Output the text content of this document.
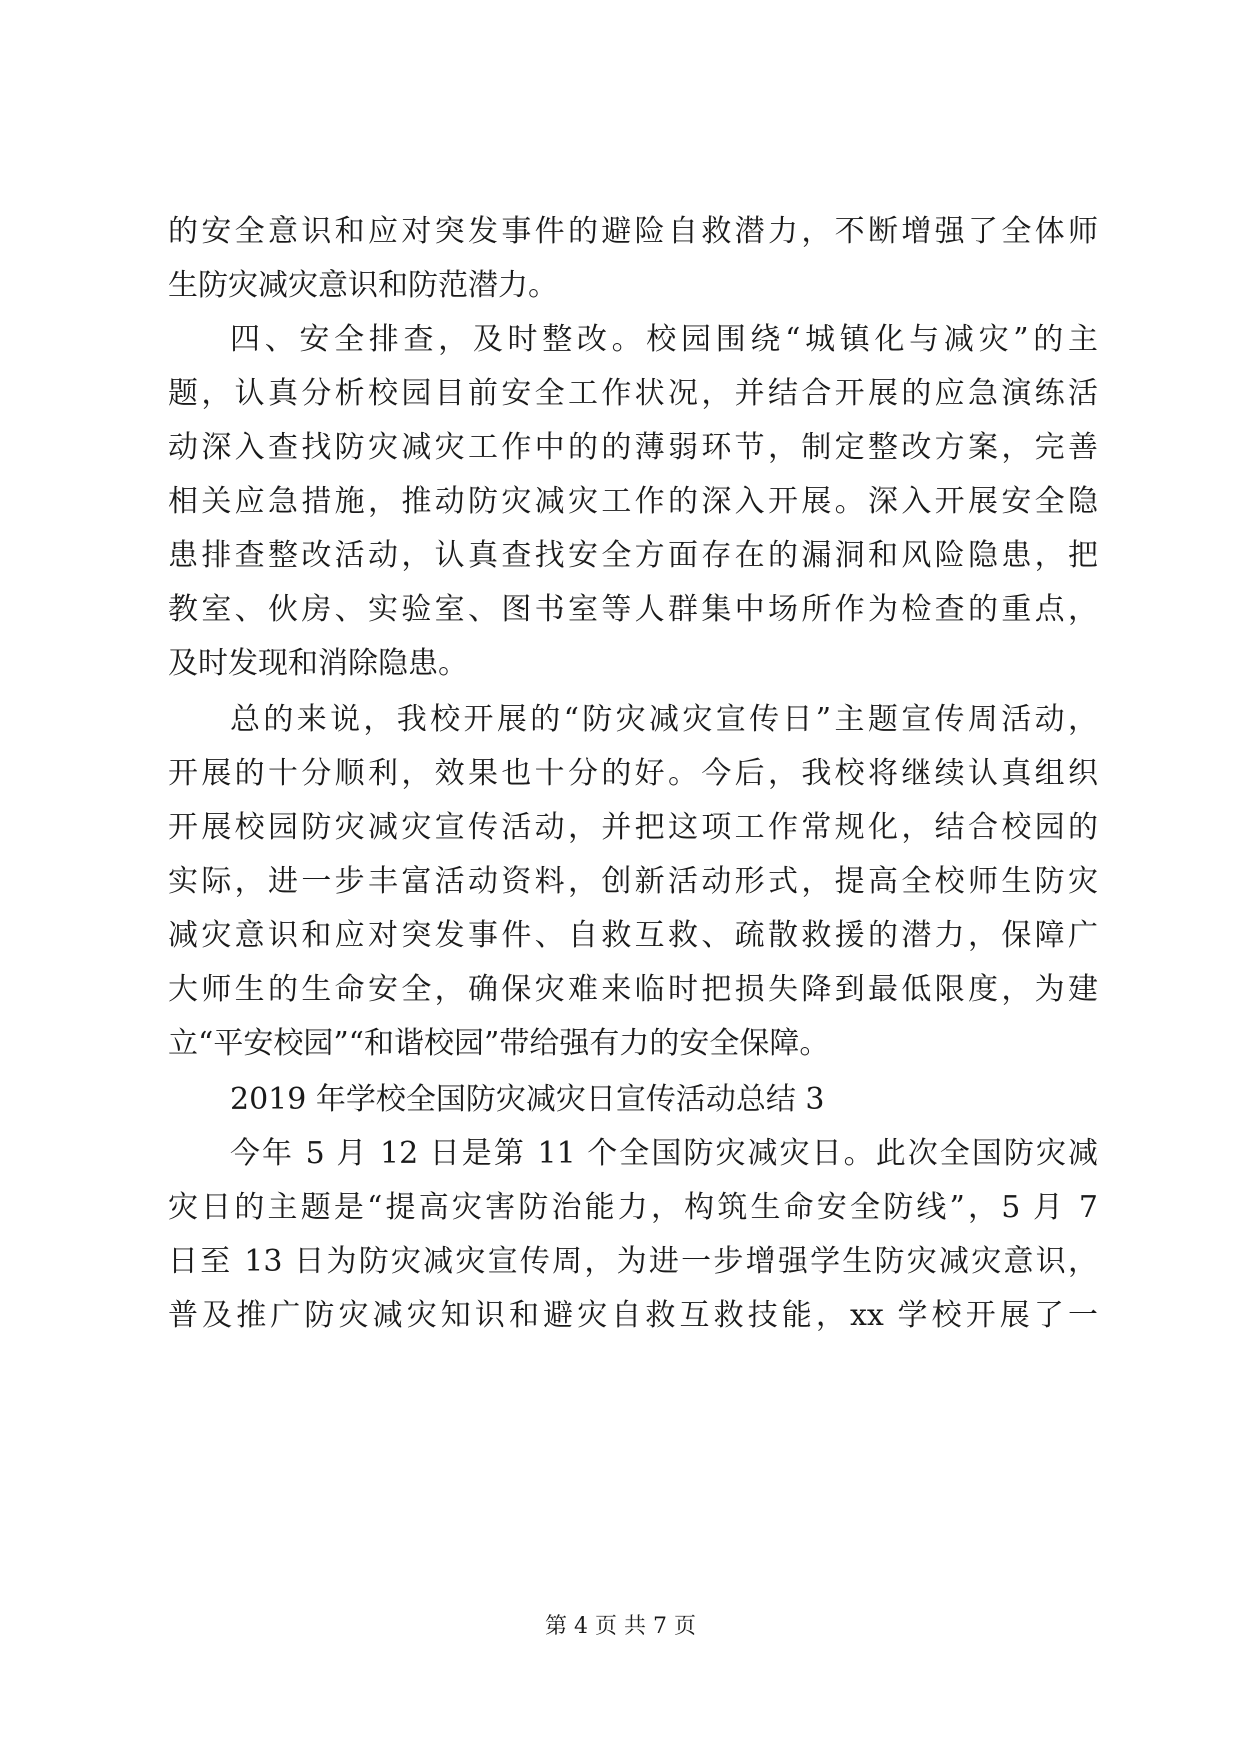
的安全意识和应对突发事件的避险自救潜力，不断增强了全体师
生防灾减灾意识和防范潜力。
四、安全排查，及时整改。校园围绕“城镇化与减灾”的主
题，认真分析校园目前安全工作状况，并结合开展的应急演练活
动深入查找防灾减灾工作中的的薄弱环节，制定整改方案，完善
相关应急措施，推动防灾减灾工作的深入开展。深入开展安全隐
患排查整改活动，认真查找安全方面存在的漏洞和风险隐患，把
教室、伙房、实验室、图书室等人群集中场所作为检查的重点，
及时发现和消除隐患。
总的来说，我校开展的“防灾减灾宣传日”主题宣传周活动，
开展的十分顺利，效果也十分的好。今后，我校将继续认真组织
开展校园防灾减灾宣传活动，并把这项工作常规化，结合校园的
实际，进一步丰富活动资料，创新活动形式，提高全校师生防灾
减灾意识和应对突发事件、自救互救、疏散救援的潜力，保障广
大师生的生命安全，确保灾难来临时把损失降到最低限度，为建
立“平安校园”“和谐校园”带给强有力的安全保障。
2019 年学校全国防灾减灾日宣传活动总结 3
今年 5 月 12 日是第 11 个全国防灾减灾日。此次全国防灾减
灾日的主题是“提高灾害防治能力，构筑生命安全防线”，5 月 7
日至 13 日为防灾减灾宣传周，为进一步增强学生防灾减灾意识，
普及推广防灾减灾知识和避灾自救互救技能，xx 学校开展了一
第 4 页 共 7 页
